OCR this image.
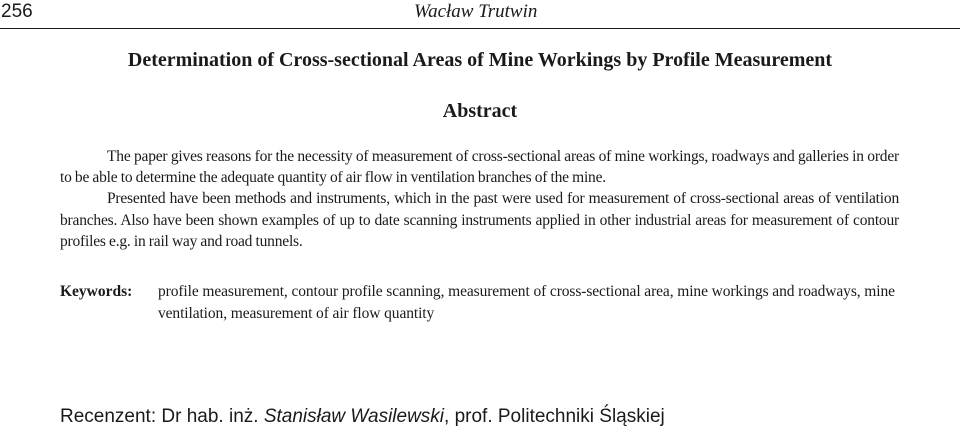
256	Wacław Trutwin
Determination of Cross-sectional Areas of Mine Workings by Profile Measurement
Abstract

The paper gives reasons for the necessity of measurement of cross-sectional areas of mine workings, roadways and galleries in order to be able to determine the adequate quantity of air flow in ventilation branches of the mine.

Presented have been methods and instruments, which in the past were used for measurement of cross-sectional areas of ventilation branches. Also have been shown examples of up to date scanning instruments applied in other industrial areas for measurement of contour profiles e.g. in rail way and road tunnels.

Keywords: profile measurement, contour profile scanning, measurement of cross-sectional area, mine workings and roadways, mine ventilation, measurement of air flow quantity
Recenzent: Dr hab. inż. Stanisław Wasilewski, prof. Politechniki Śląskiej
